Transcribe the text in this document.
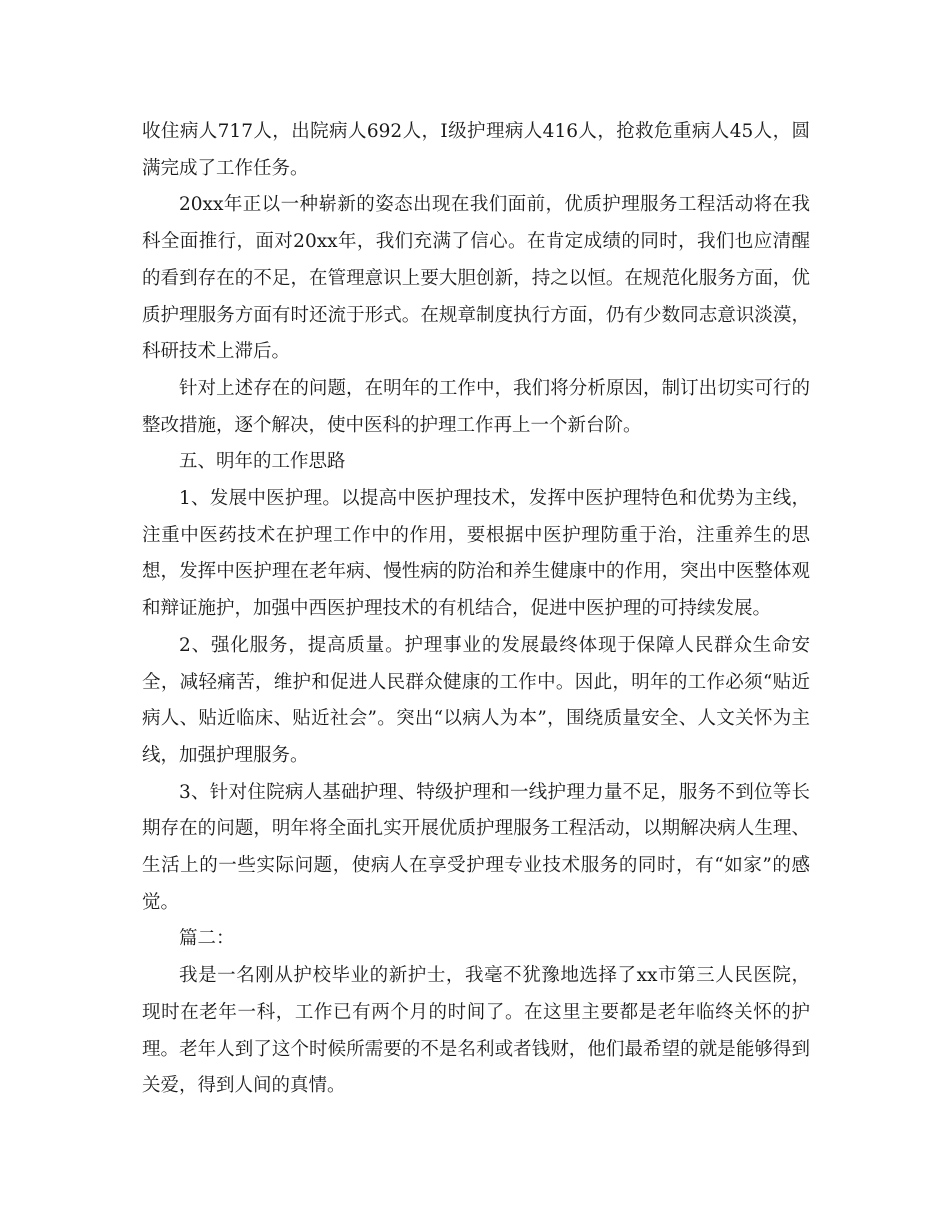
收住病人717人，出院病人692人，Ⅰ级护理病人416人，抢救危重病人45人，圆满完成了工作任务。

20xx年正以一种崭新的姿态出现在我们面前，优质护理服务工程活动将在我科全面推行，面对20xx年，我们充满了信心。在肯定成绩的同时，我们也应清醒的看到存在的不足，在管理意识上要大胆创新，持之以恒。在规范化服务方面，优质护理服务方面有时还流于形式。在规章制度执行方面，仍有少数同志意识淡漠，科研技术上滞后。

针对上述存在的问题，在明年的工作中，我们将分析原因，制订出切实可行的整改措施，逐个解决，使中医科的护理工作再上一个新台阶。

五、明年的工作思路

1、发展中医护理。以提高中医护理技术，发挥中医护理特色和优势为主线，注重中医药技术在护理工作中的作用，要根据中医护理防重于治，注重养生的思想，发挥中医护理在老年病、慢性病的防治和养生健康中的作用，突出中医整体观和辩证施护，加强中西医护理技术的有机结合，促进中医护理的可持续发展。

2、强化服务，提高质量。护理事业的发展最终体现于保障人民群众生命安全，减轻痛苦，维护和促进人民群众健康的工作中。因此，明年的工作必须“贴近病人、贴近临床、贴近社会”。突出“以病人为本”，围绕质量安全、人文关怀为主线，加强护理服务。

3、针对住院病人基础护理、特级护理和一线护理力量不足，服务不到位等长期存在的问题，明年将全面扎实开展优质护理服务工程活动，以期解决病人生理、生活上的一些实际问题，使病人在享受护理专业技术服务的同时，有“如家”的感觉。

篇二：

我是一名刚从护校毕业的新护士，我毫不犹豫地选择了xx市第三人民医院，现时在老年一科，工作已有两个月的时间了。在这里主要都是老年临终关怀的护理。老年人到了这个时候所需要的不是名利或者钱财，他们最希望的就是能够得到关爱，得到人间的真情。
